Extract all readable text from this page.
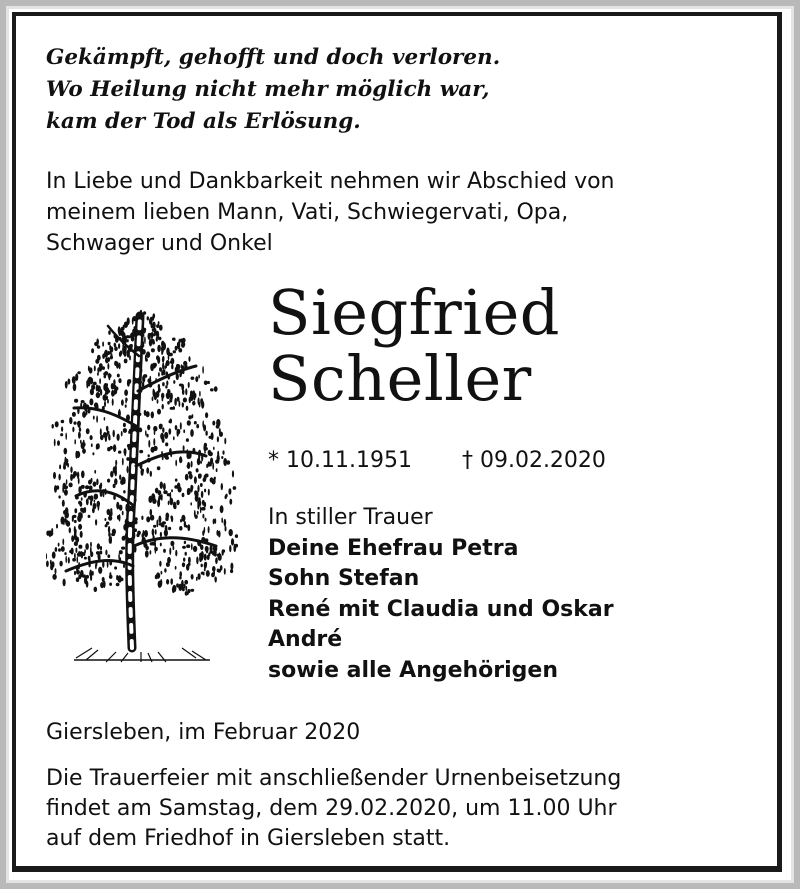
Gekämpft, gehofft und doch verloren.
Wo Heilung nicht mehr möglich war,
kam der Tod als Erlösung.
In Liebe und Dankbarkeit nehmen wir Abschied von
meinem lieben Mann, Vati, Schwiegervati, Opa,
Schwager und Onkel
Siegfried
Scheller
* 10.11.1951 † 09.02.2020
In stiller Trauer
Deine Ehefrau Petra
Sohn Stefan
René mit Claudia und Oskar
André
sowie alle Angehörigen
Giersleben, im Februar 2020
Die Trauerfeier mit anschließender Urnenbeisetzung
findet am Samstag, dem 29.02.2020, um 11.00 Uhr
auf dem Friedhof in Giersleben statt.
